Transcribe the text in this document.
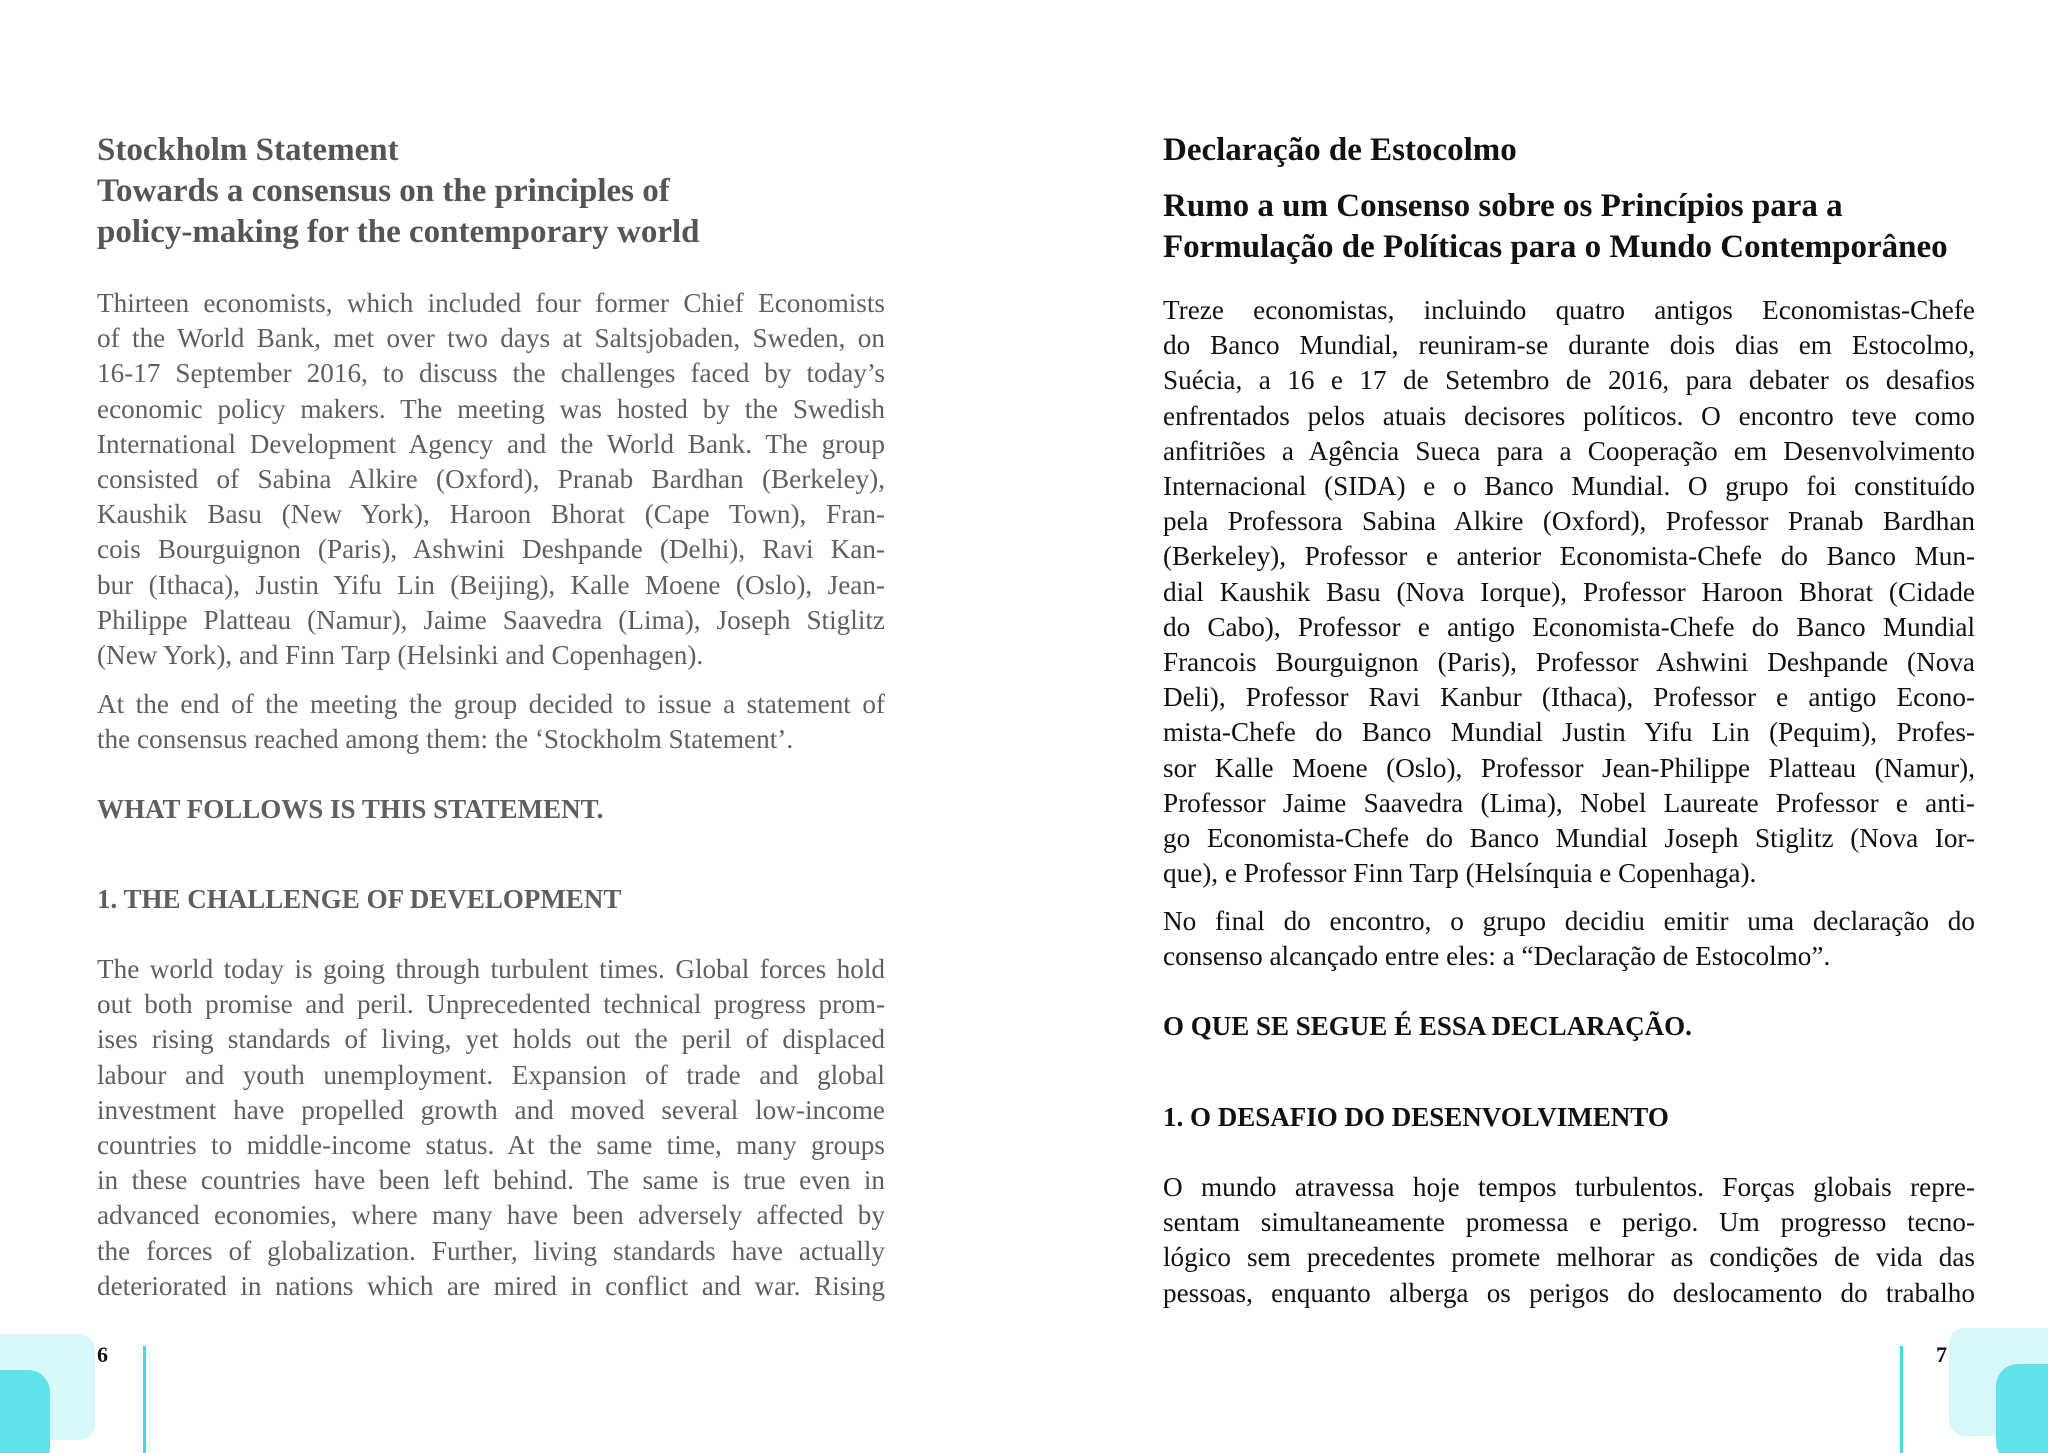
Stockholm Statement
Towards a consensus on the principles of
policy-making for the contemporary world

Thirteen economists, which included four former Chief Economists

of the World Bank, met over two days at Saltsjobaden, Sweden, on

16-17 September 2016, to discuss the challenges faced by today’s

economic policy makers. The meeting was hosted by the Swedish

International Development Agency and the World Bank. The group

consisted of Sabina Alkire (Oxford), Pranab Bardhan (Berkeley),

Kaushik Basu (New York), Haroon Bhorat (Cape Town), Fran-

cois Bourguignon (Paris), Ashwini Deshpande (Delhi), Ravi Kan-

bur (Ithaca), Justin Yifu Lin (Beijing), Kalle Moene (Oslo), Jean-

Philippe Platteau (Namur), Jaime Saavedra (Lima), Joseph Stiglitz

(New York), and Finn Tarp (Helsinki and Copenhagen).

At the end of the meeting the group decided to issue a statement of

the consensus reached among them: the ‘Stockholm Statement’.

WHAT FOLLOWS IS THIS STATEMENT.
1. THE CHALLENGE OF DEVELOPMENT

The world today is going through turbulent times. Global forces hold

out both promise and peril. Unprecedented technical progress prom-

ises rising standards of living, yet holds out the peril of displaced

labour and youth unemployment. Expansion of trade and global

investment have propelled growth and moved several low-income

countries to middle-income status. At the same time, many groups

in these countries have been left behind. The same is true even in

advanced economies, where many have been adversely affected by

the forces of globalization. Further, living standards have actually

deteriorated in nations which are mired in conflict and war. Rising

6
Declaração de Estocolmo
Rumo a um Consenso sobre os Princípios para a
Formulação de Políticas para o Mundo Contemporâneo

Treze economistas, incluindo quatro antigos Economistas-Chefe

do Banco Mundial, reuniram-se durante dois dias em Estocolmo,

Suécia, a 16 e 17 de Setembro de 2016, para debater os desafios

enfrentados pelos atuais decisores políticos. O encontro teve como

anfitriões a Agência Sueca para a Cooperação em Desenvolvimento

Internacional (SIDA) e o Banco Mundial. O grupo foi constituído

pela Professora Sabina Alkire (Oxford), Professor Pranab Bardhan

(Berkeley), Professor e anterior Economista-Chefe do Banco Mun-

dial Kaushik Basu (Nova Iorque), Professor Haroon Bhorat (Cidade

do Cabo), Professor e antigo Economista-Chefe do Banco Mundial

Francois Bourguignon (Paris), Professor Ashwini Deshpande (Nova

Deli), Professor Ravi Kanbur (Ithaca), Professor e antigo Econo-

mista-Chefe do Banco Mundial Justin Yifu Lin (Pequim), Profes-

sor Kalle Moene (Oslo), Professor Jean-Philippe Platteau (Namur),

Professor Jaime Saavedra (Lima), Nobel Laureate Professor e anti-

go Economista-Chefe do Banco Mundial Joseph Stiglitz (Nova Ior-

que), e Professor Finn Tarp (Helsínquia e Copenhaga).

No final do encontro, o grupo decidiu emitir uma declaração do

consenso alcançado entre eles: a “Declaração de Estocolmo”.

O QUE SE SEGUE É ESSA DECLARAÇÃO.
1. O DESAFIO DO DESENVOLVIMENTO

O mundo atravessa hoje tempos turbulentos. Forças globais repre-

sentam simultaneamente promessa e perigo. Um progresso tecno-

lógico sem precedentes promete melhorar as condições de vida das

pessoas, enquanto alberga os perigos do deslocamento do trabalho

7
